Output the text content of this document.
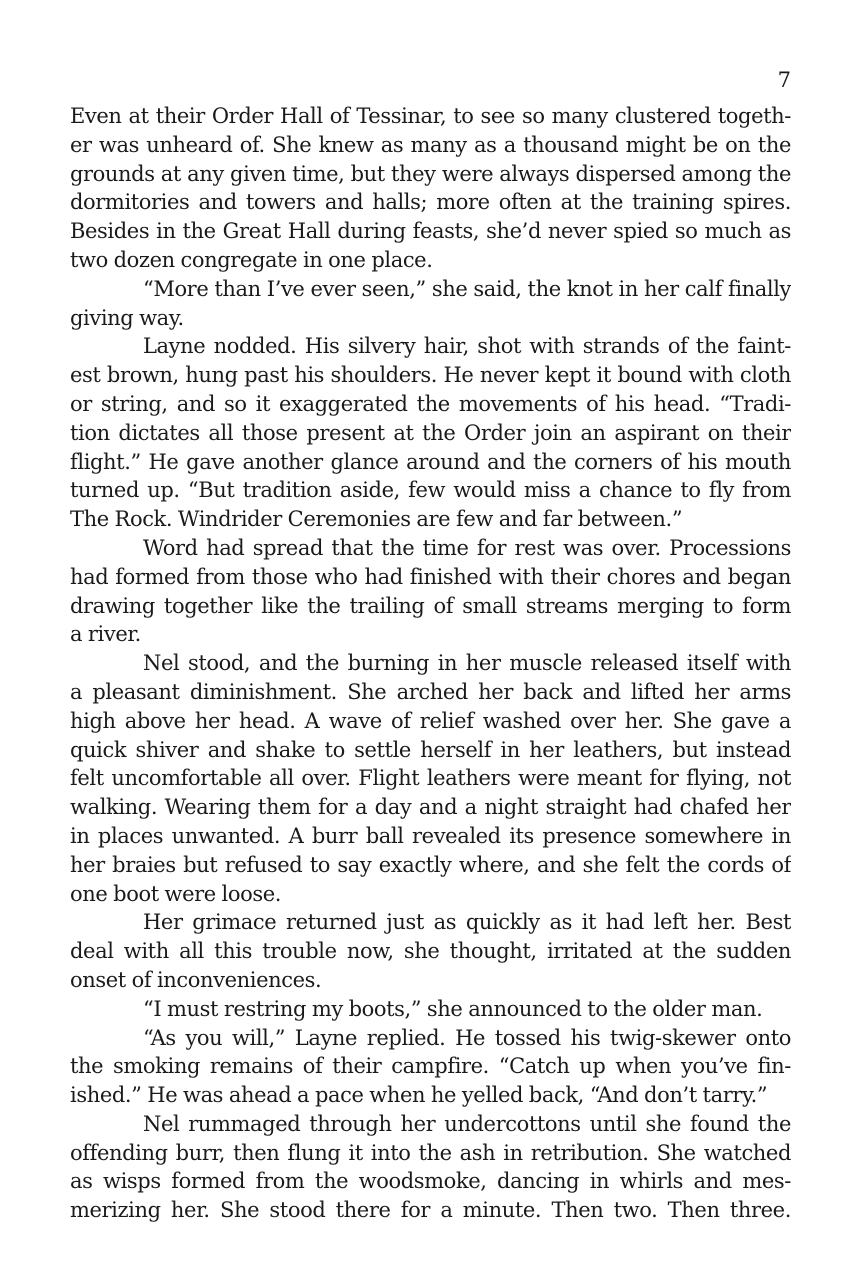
7
Even at their Order Hall of Tessinar, to see so many clustered togeth-
er was unheard of. She knew as many as a thousand might be on the
grounds at any given time, but they were always dispersed among the
dormitories and towers and halls; more often at the training spires.
Besides in the Great Hall during feasts, she’d never spied so much as
two dozen congregate in one place.
“More than I’ve ever seen,” she said, the knot in her calf finally
giving way.
Layne nodded. His silvery hair, shot with strands of the faint-
est brown, hung past his shoulders. He never kept it bound with cloth
or string, and so it exaggerated the movements of his head. “Tradi-
tion dictates all those present at the Order join an aspirant on their
flight.” He gave another glance around and the corners of his mouth
turned up. “But tradition aside, few would miss a chance to fly from
The Rock. Windrider Ceremonies are few and far between.”
Word had spread that the time for rest was over. Processions
had formed from those who had finished with their chores and began
drawing together like the trailing of small streams merging to form
a river.
Nel stood, and the burning in her muscle released itself with
a pleasant diminishment. She arched her back and lifted her arms
high above her head. A wave of relief washed over her. She gave a
quick shiver and shake to settle herself in her leathers, but instead
felt uncomfortable all over. Flight leathers were meant for flying, not
walking. Wearing them for a day and a night straight had chafed her
in places unwanted. A burr ball revealed its presence somewhere in
her braies but refused to say exactly where, and she felt the cords of
one boot were loose.
Her grimace returned just as quickly as it had left her. Best
deal with all this trouble now, she thought, irritated at the sudden
onset of inconveniences.
“I must restring my boots,” she announced to the older man.
“As you will,” Layne replied. He tossed his twig-skewer onto
the smoking remains of their campfire. “Catch up when you’ve fin-
ished.” He was ahead a pace when he yelled back, “And don’t tarry.”
Nel rummaged through her undercottons until she found the
offending burr, then flung it into the ash in retribution. She watched
as wisps formed from the woodsmoke, dancing in whirls and mes-
merizing her. She stood there for a minute. Then two. Then three.
